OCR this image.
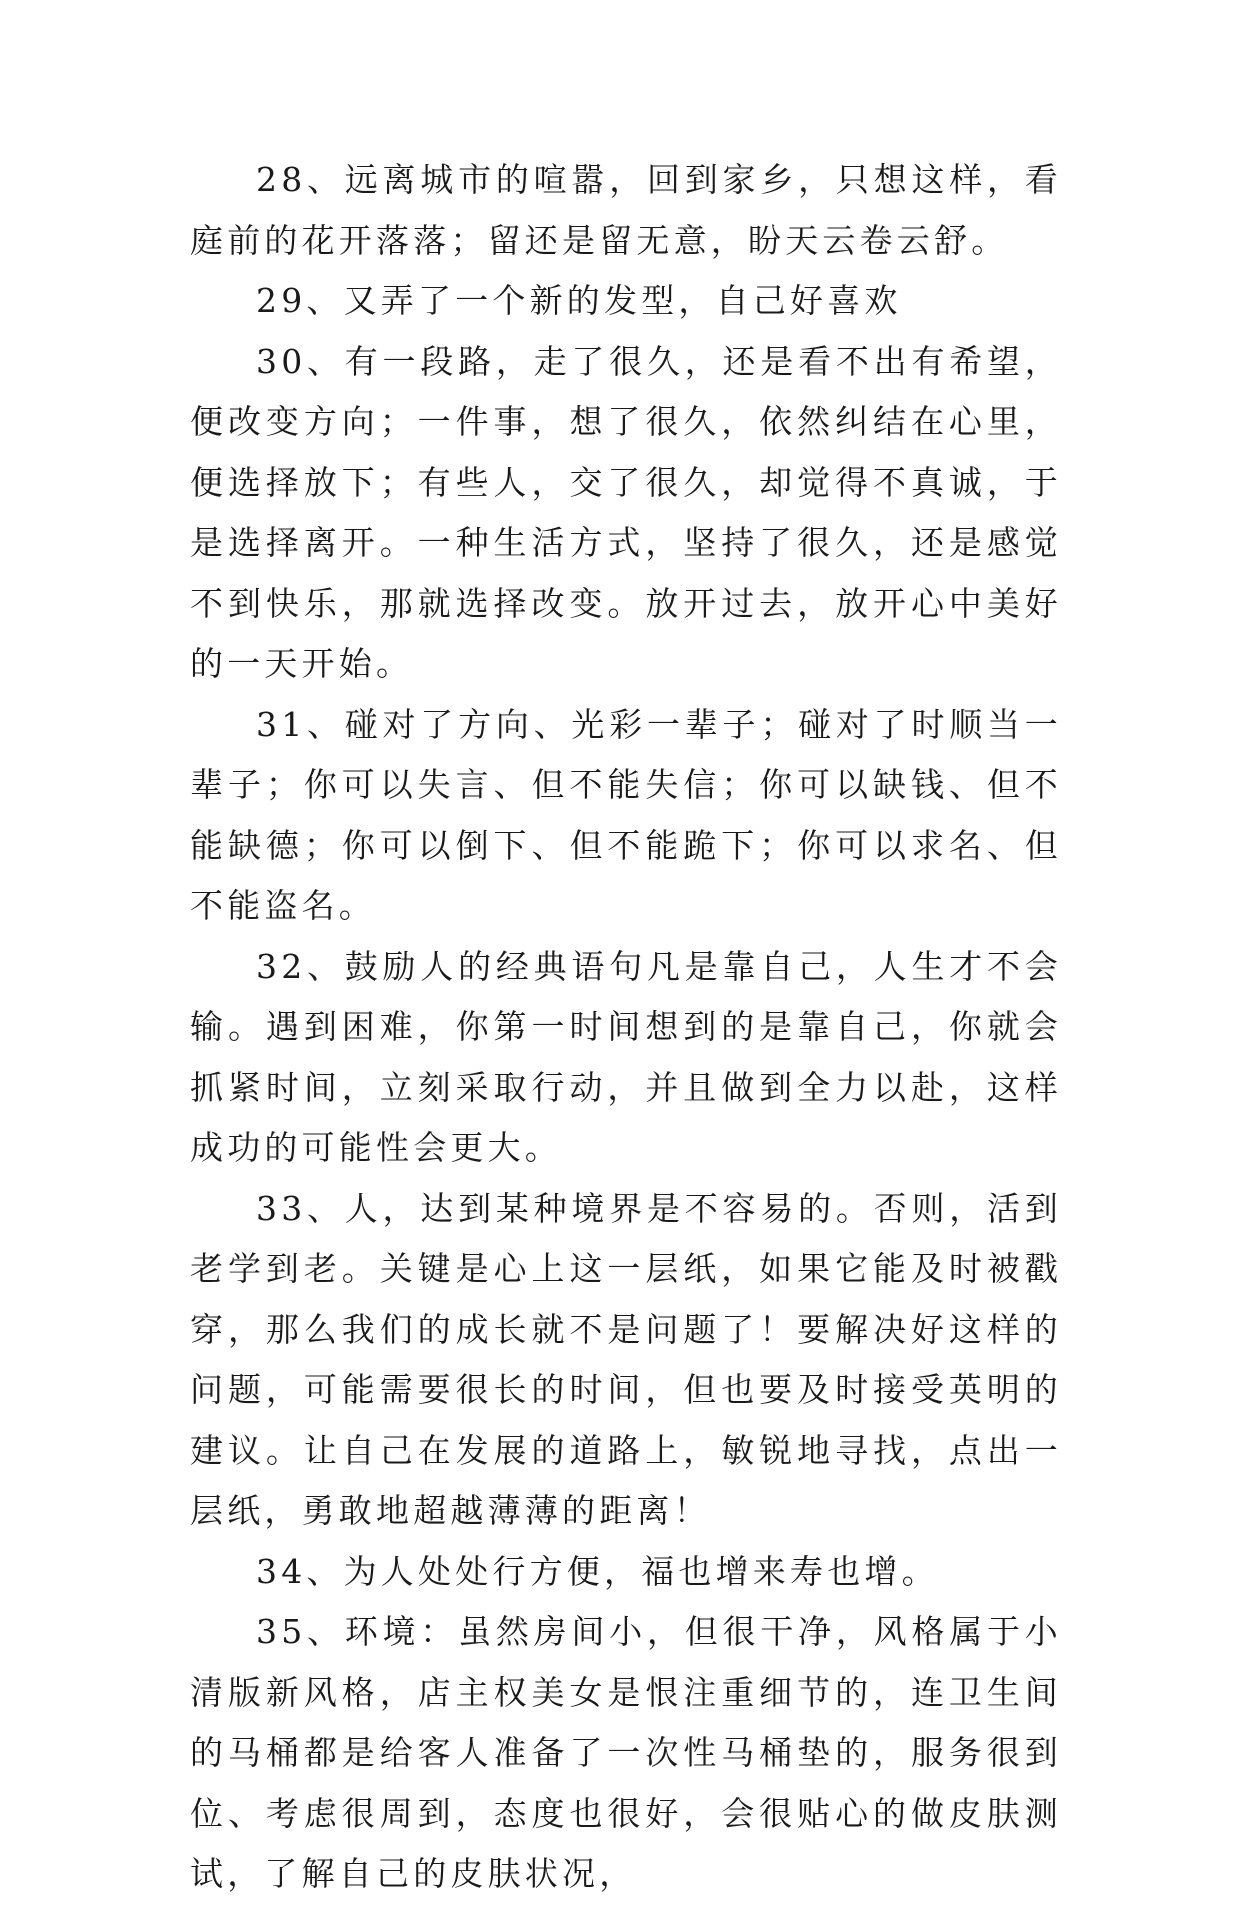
28、远离城市的喧嚣，回到家乡，只想这样，看庭前的花开落落；留还是留无意，盼天云卷云舒。

29、又弄了一个新的发型，自己好喜欢

30、有一段路，走了很久，还是看不出有希望，便改变方向；一件事，想了很久，依然纠结在心里，便选择放下；有些人，交了很久，却觉得不真诚，于是选择离开。一种生活方式，坚持了很久，还是感觉不到快乐，那就选择改变。放开过去，放开心中美好的一天开始。

31、碰对了方向、光彩一辈子；碰对了时顺当一辈子；你可以失言、但不能失信；你可以缺钱、但不能缺德；你可以倒下、但不能跪下；你可以求名、但不能盗名。

32、鼓励人的经典语句凡是靠自己，人生才不会输。遇到困难，你第一时间想到的是靠自己，你就会抓紧时间，立刻采取行动，并且做到全力以赴，这样成功的可能性会更大。

33、人，达到某种境界是不容易的。否则，活到老学到老。关键是心上这一层纸，如果它能及时被戳穿，那么我们的成长就不是问题了！要解决好这样的问题，可能需要很长的时间，但也要及时接受英明的建议。让自己在发展的道路上，敏锐地寻找，点出一层纸，勇敢地超越薄薄的距离！

34、为人处处行方便，福也增来寿也增。

35、环境：虽然房间小，但很干净，风格属于小清版新风格，店主权美女是恨注重细节的，连卫生间的马桶都是给客人准备了一次性马桶垫的，服务很到位、考虑很周到，态度也很好，会很贴心的做皮肤测试，了解自己的皮肤状况，
